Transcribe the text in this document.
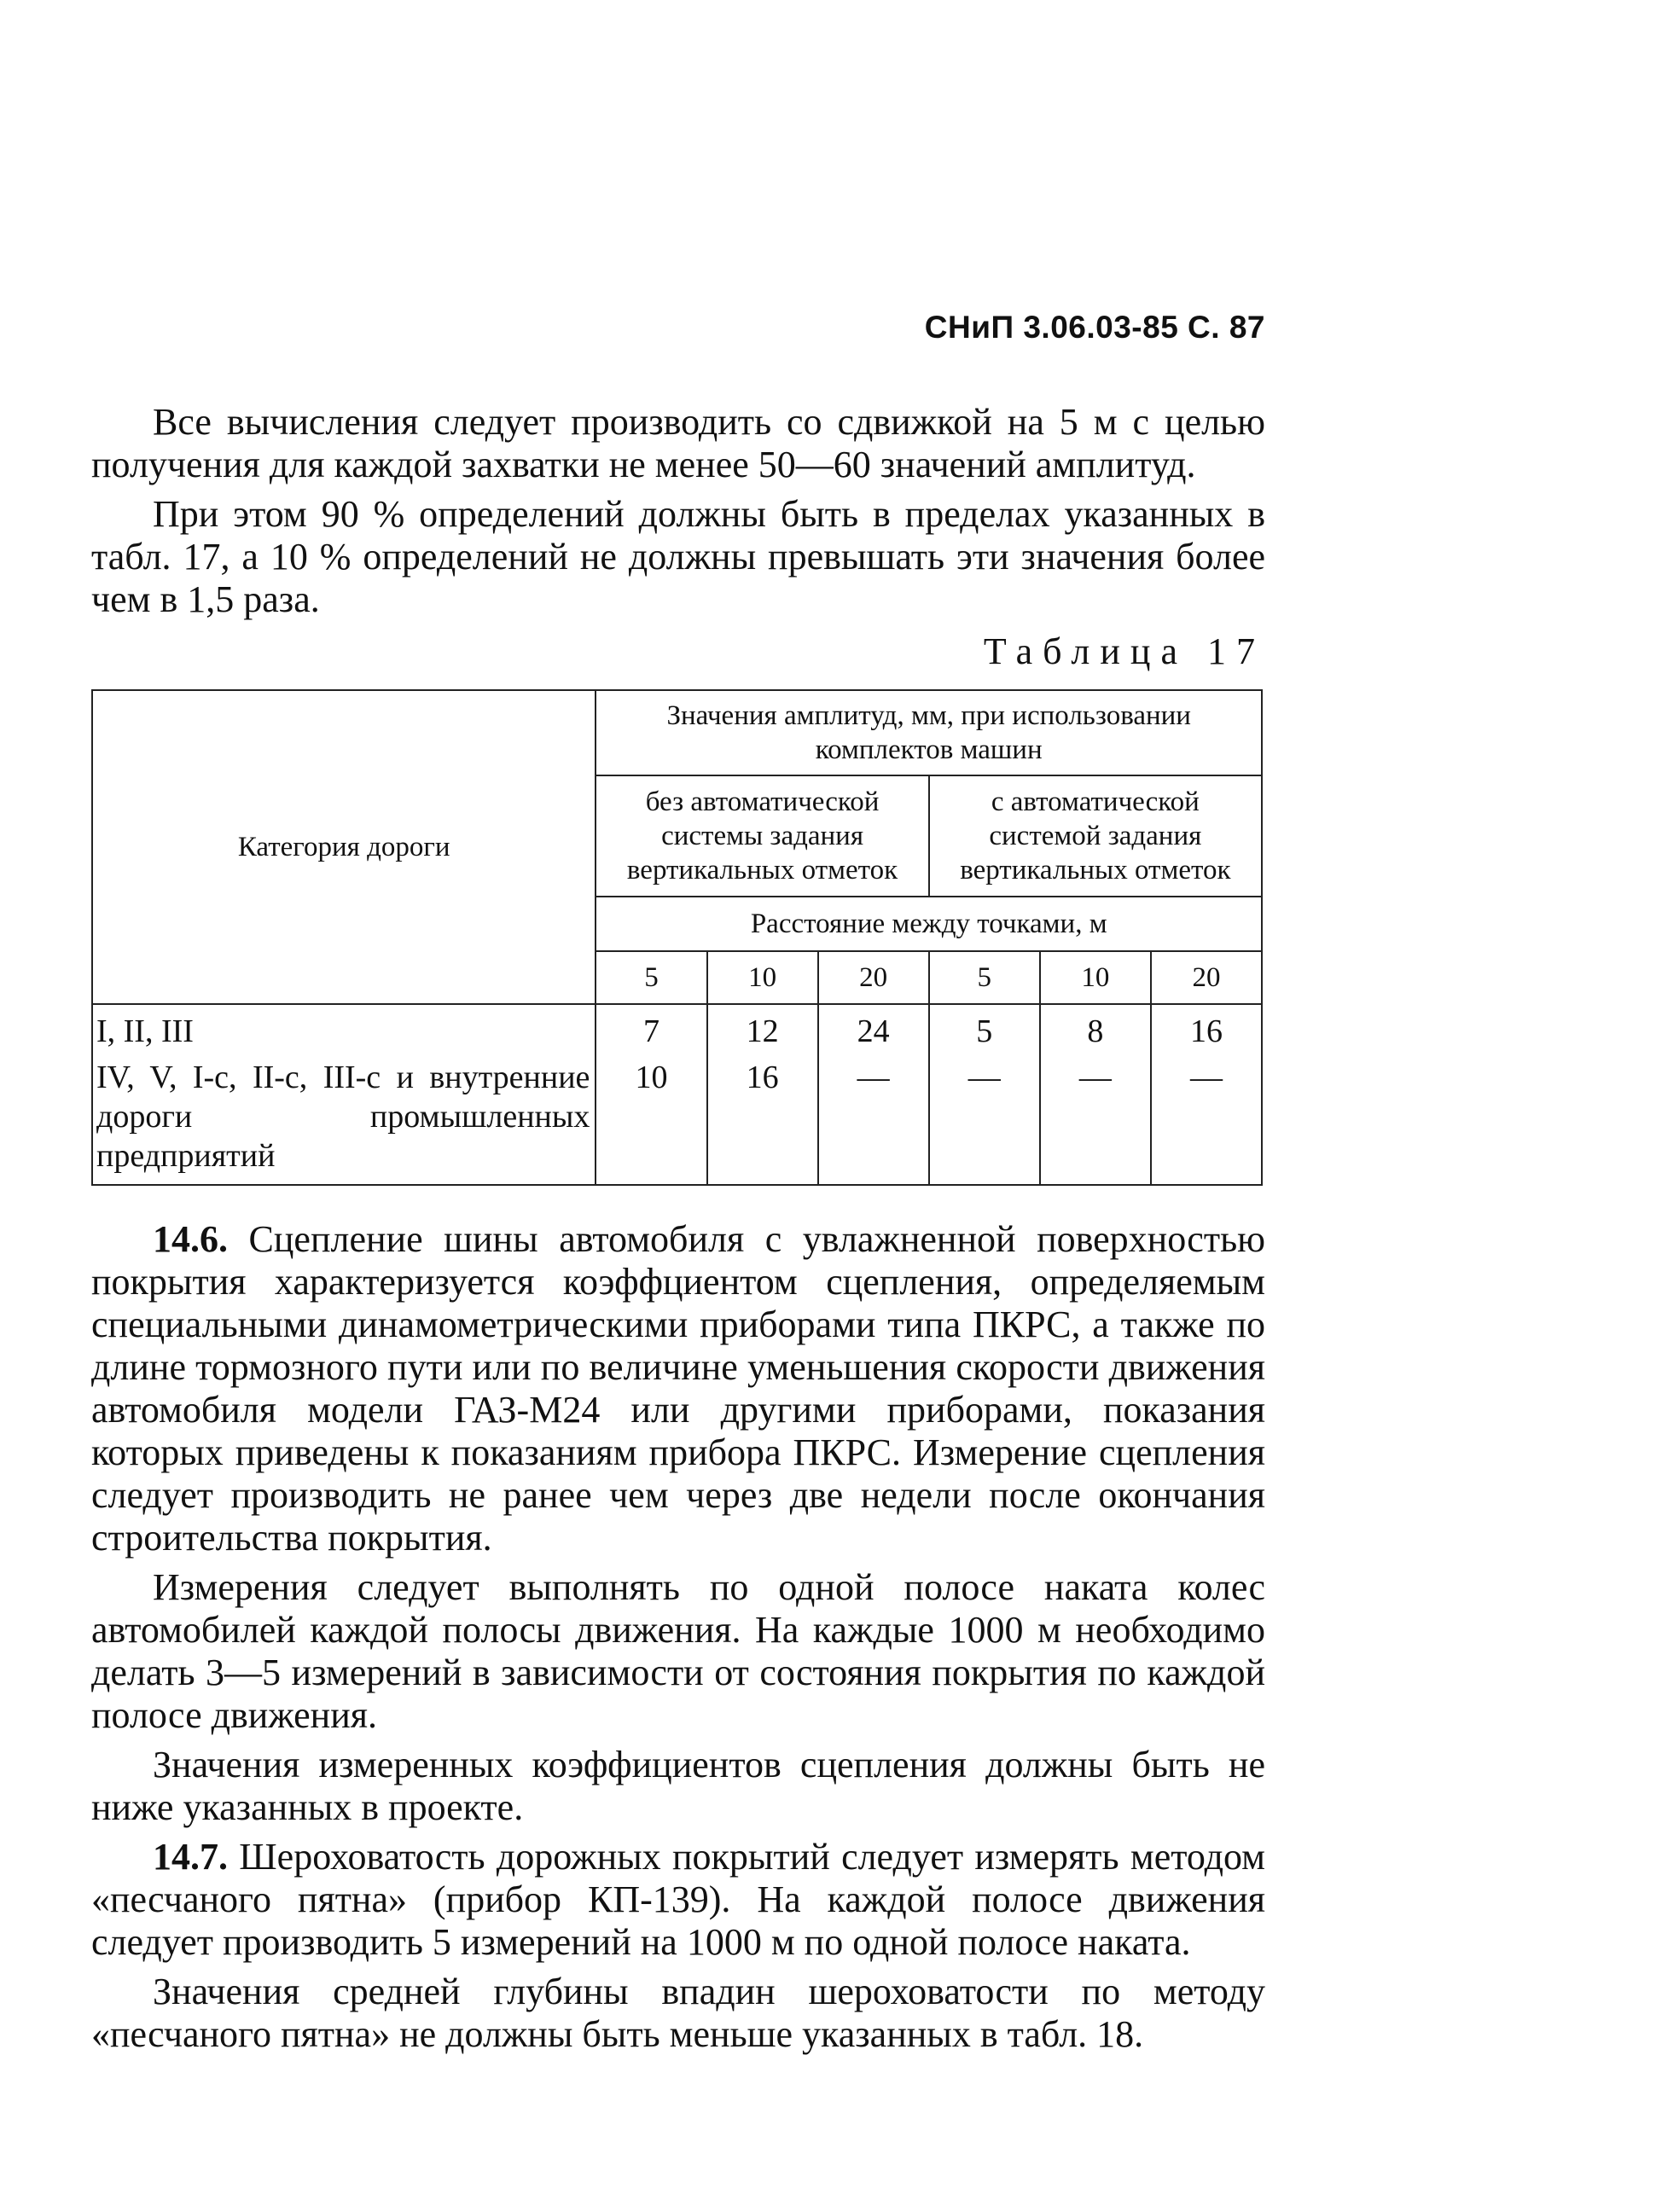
СНиП 3.06.03-85 С. 87

Все вычисления следует производить со сдвижкой на 5 м с целью получения для каждой захватки не менее 50—60 значений амплитуд.

При этом 90 % определений должны быть в пределах указанных в табл. 17, а 10 % определений не должны превышать эти значения более чем в 1,5 раза.

Таблица 17
Категория дороги	Значения амплитуд, мм, при использовании комплектов машин					
	без автоматической системы задания вертикальных отметок			с автоматической системой задания вертикальных отметок		
	Расстояние между точками, м					
	5	10	20	5	10	20
I, II, III	7	12	24	5	8	16
IV, V, I-с, II-с, III-с и внутренние дороги промышленных предприятий	10	16	—	—	—	—

14.6. Сцепление шины автомобиля с увлажненной поверхностью покрытия характеризуется коэффциентом сцепления, определяемым специальными динамометрическими приборами типа ПКРС, а также по длине тормозного пути или по величине уменьшения скорости движения автомобиля модели ГАЗ-М24 или другими приборами, показания которых приведены к показаниям прибора ПКРС. Измерение сцепления следует производить не ранее чем через две недели после окончания строительства покрытия.

Измерения следует выполнять по одной полосе наката колес автомобилей каждой полосы движения. На каждые 1000 м необходимо делать 3—5 измерений в зависимости от состояния покрытия по каждой полосе движения.

Значения измеренных коэффициентов сцепления должны быть не ниже указанных в проекте.

14.7. Шероховатость дорожных покрытий следует измерять методом «песчаного пятна» (прибор КП-139). На каждой полосе движения следует производить 5 измерений на 1000 м по одной полосе наката.

Значения средней глубины впадин шероховатости по методу «песчаного пятна» не должны быть меньше указанных в табл. 18.
